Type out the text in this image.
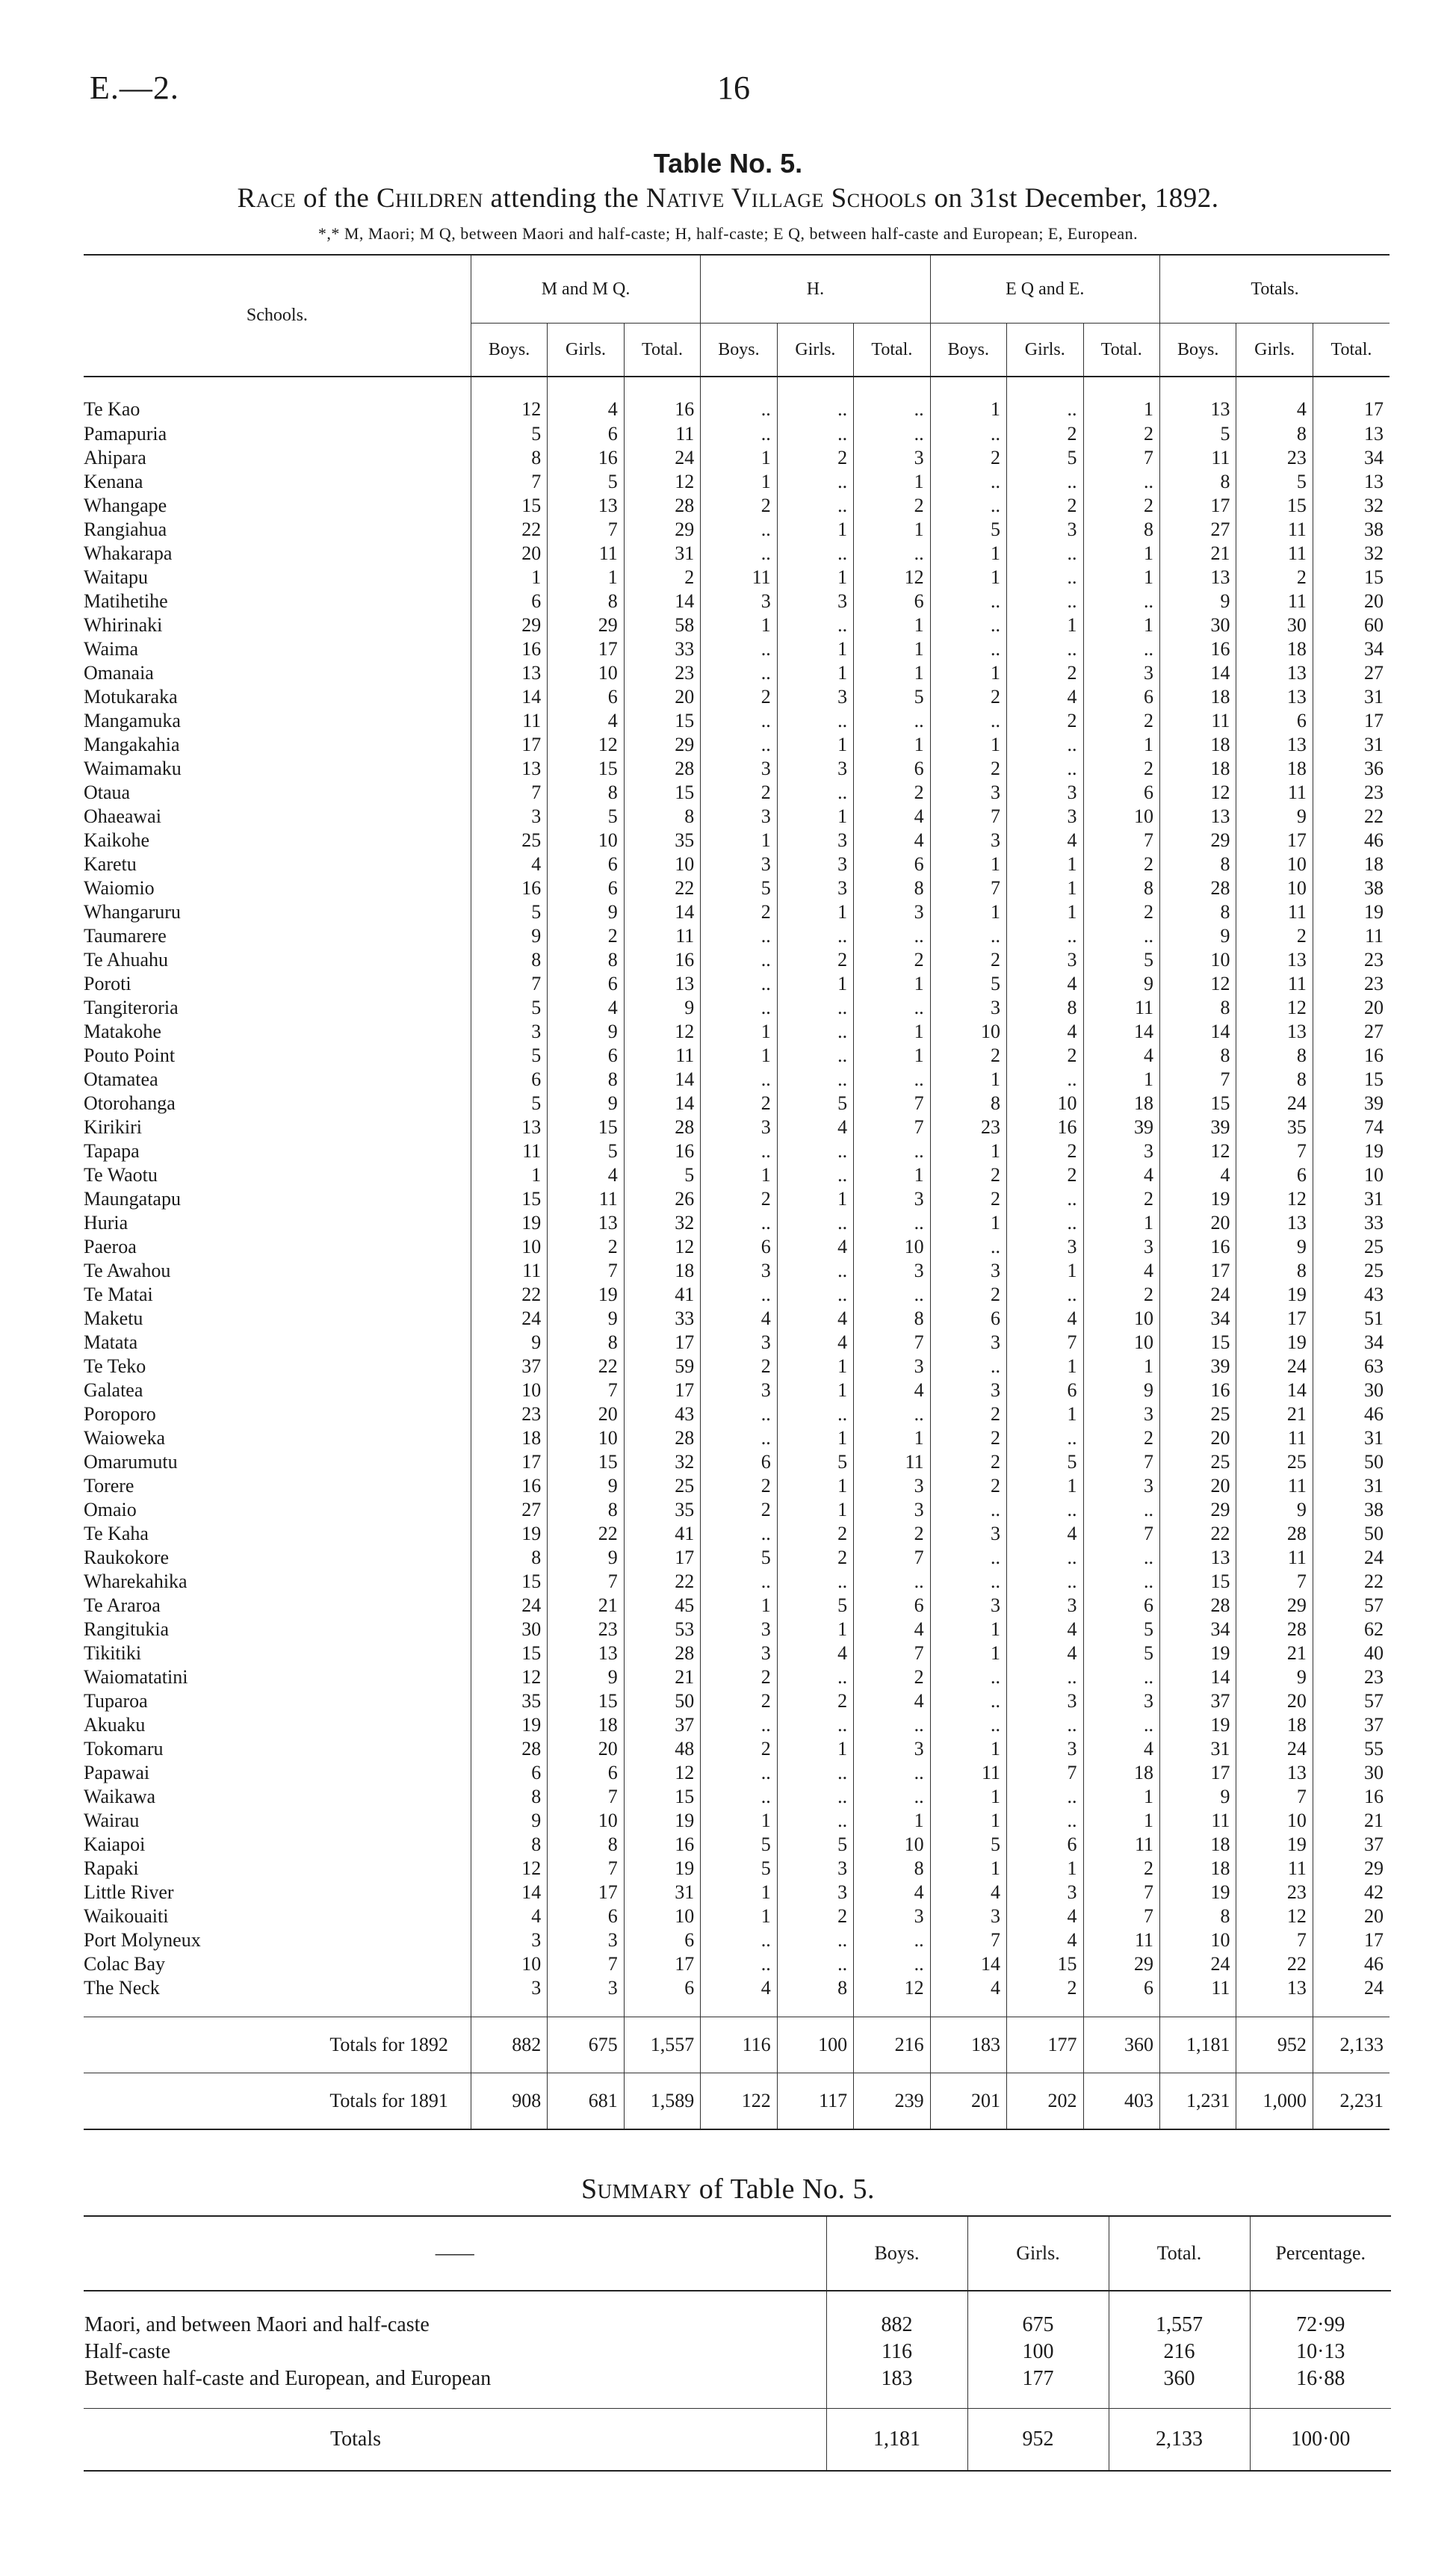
E.—2.	16
Table No. 5.
Race of the Children attending the Native Village Schools on 31st December, 1892.
*,* M, Maori; M Q, between Maori and half-caste; H, half-caste; E Q, between half-caste and European; E, European.
Schools.	M and M Q.			H.			E Q and E.			Totals.		
	Boys.	Girls.	Total.	Boys.	Girls.	Total.	Boys.	Girls.	Total.	Boys.	Girls.	Total.
Te Kao	12	4	16	..	..	..	1	..	1	13	4	17
Pamapuria	5	6	11	..	..	..	..	2	2	5	8	13
Ahipara	8	16	24	1	2	3	2	5	7	11	23	34
Kenana	7	5	12	1	..	1	..	..	..	8	5	13
Whangape	15	13	28	2	..	2	..	2	2	17	15	32
Rangiahua	22	7	29	..	1	1	5	3	8	27	11	38
Whakarapa	20	11	31	..	..	..	1	..	1	21	11	32
Waitapu	1	1	2	11	1	12	1	..	1	13	2	15
Matihetihe	6	8	14	3	3	6	..	..	..	9	11	20
Whirinaki	29	29	58	1	..	1	..	1	1	30	30	60
Waima	16	17	33	..	1	1	..	..	..	16	18	34
Omanaia	13	10	23	..	1	1	1	2	3	14	13	27
Motukaraka	14	6	20	2	3	5	2	4	6	18	13	31
Mangamuka	11	4	15	..	..	..	..	2	2	11	6	17
Mangakahia	17	12	29	..	1	1	1	..	1	18	13	31
Waimamaku	13	15	28	3	3	6	2	..	2	18	18	36
Otaua	7	8	15	2	..	2	3	3	6	12	11	23
Ohaeawai	3	5	8	3	1	4	7	3	10	13	9	22
Kaikohe	25	10	35	1	3	4	3	4	7	29	17	46
Karetu	4	6	10	3	3	6	1	1	2	8	10	18
Waiomio	16	6	22	5	3	8	7	1	8	28	10	38
Whangaruru	5	9	14	2	1	3	1	1	2	8	11	19
Taumarere	9	2	11	..	..	..	..	..	..	9	2	11
Te Ahuahu	8	8	16	..	2	2	2	3	5	10	13	23
Poroti	7	6	13	..	1	1	5	4	9	12	11	23
Tangiteroria	5	4	9	..	..	..	3	8	11	8	12	20
Matakohe	3	9	12	1	..	1	10	4	14	14	13	27
Pouto Point	5	6	11	1	..	1	2	2	4	8	8	16
Otamatea	6	8	14	..	..	..	1	..	1	7	8	15
Otorohanga	5	9	14	2	5	7	8	10	18	15	24	39
Kirikiri	13	15	28	3	4	7	23	16	39	39	35	74
Tapapa	11	5	16	..	..	..	1	2	3	12	7	19
Te Waotu	1	4	5	1	..	1	2	2	4	4	6	10
Maungatapu	15	11	26	2	1	3	2	..	2	19	12	31
Huria	19	13	32	..	..	..	1	..	1	20	13	33
Paeroa	10	2	12	6	4	10	..	3	3	16	9	25
Te Awahou	11	7	18	3	..	3	3	1	4	17	8	25
Te Matai	22	19	41	..	..	..	2	..	2	24	19	43
Maketu	24	9	33	4	4	8	6	4	10	34	17	51
Matata	9	8	17	3	4	7	3	7	10	15	19	34
Te Teko	37	22	59	2	1	3	..	1	1	39	24	63
Galatea	10	7	17	3	1	4	3	6	9	16	14	30
Poroporo	23	20	43	..	..	..	2	1	3	25	21	46
Waioweka	18	10	28	..	1	1	2	..	2	20	11	31
Omarumutu	17	15	32	6	5	11	2	5	7	25	25	50
Torere	16	9	25	2	1	3	2	1	3	20	11	31
Omaio	27	8	35	2	1	3	..	..	..	29	9	38
Te Kaha	19	22	41	..	2	2	3	4	7	22	28	50
Raukokore	8	9	17	5	2	7	..	..	..	13	11	24
Wharekahika	15	7	22	..	..	..	..	..	..	15	7	22
Te Araroa	24	21	45	1	5	6	3	3	6	28	29	57
Rangitukia	30	23	53	3	1	4	1	4	5	34	28	62
Tikitiki	15	13	28	3	4	7	1	4	5	19	21	40
Waiomatatini	12	9	21	2	..	2	..	..	..	14	9	23
Tuparoa	35	15	50	2	2	4	..	3	3	37	20	57
Akuaku	19	18	37	..	..	..	..	..	..	19	18	37
Tokomaru	28	20	48	2	1	3	1	3	4	31	24	55
Papawai	6	6	12	..	..	..	11	7	18	17	13	30
Waikawa	8	7	15	..	..	..	1	..	1	9	7	16
Wairau	9	10	19	1	..	1	1	..	1	11	10	21
Kaiapoi	8	8	16	5	5	10	5	6	11	18	19	37
Rapaki	12	7	19	5	3	8	1	1	2	18	11	29
Little River	14	17	31	1	3	4	4	3	7	19	23	42
Waikouaiti	4	6	10	1	2	3	3	4	7	8	12	20
Port Molyneux	3	3	6	..	..	..	7	4	11	10	7	17
Colac Bay	10	7	17	..	..	..	14	15	29	24	22	46
The Neck	3	3	6	4	8	12	4	2	6	11	13	24
Totals for 1892	882	675	1,557	116	100	216	183	177	360	1,181	952	2,133
Totals for 1891	908	681	1,589	122	117	239	201	202	403	1,231	1,000	2,231
Summary of Table No. 5.
——	Boys.	Girls.	Total.	Percentage.
Maori, and between Maori and half-caste	882	675	1,557	72·99
Half-caste	116	100	216	10·13
Between half-caste and European, and European	183	177	360	16·88
Totals	1,181	952	2,133	100·00
